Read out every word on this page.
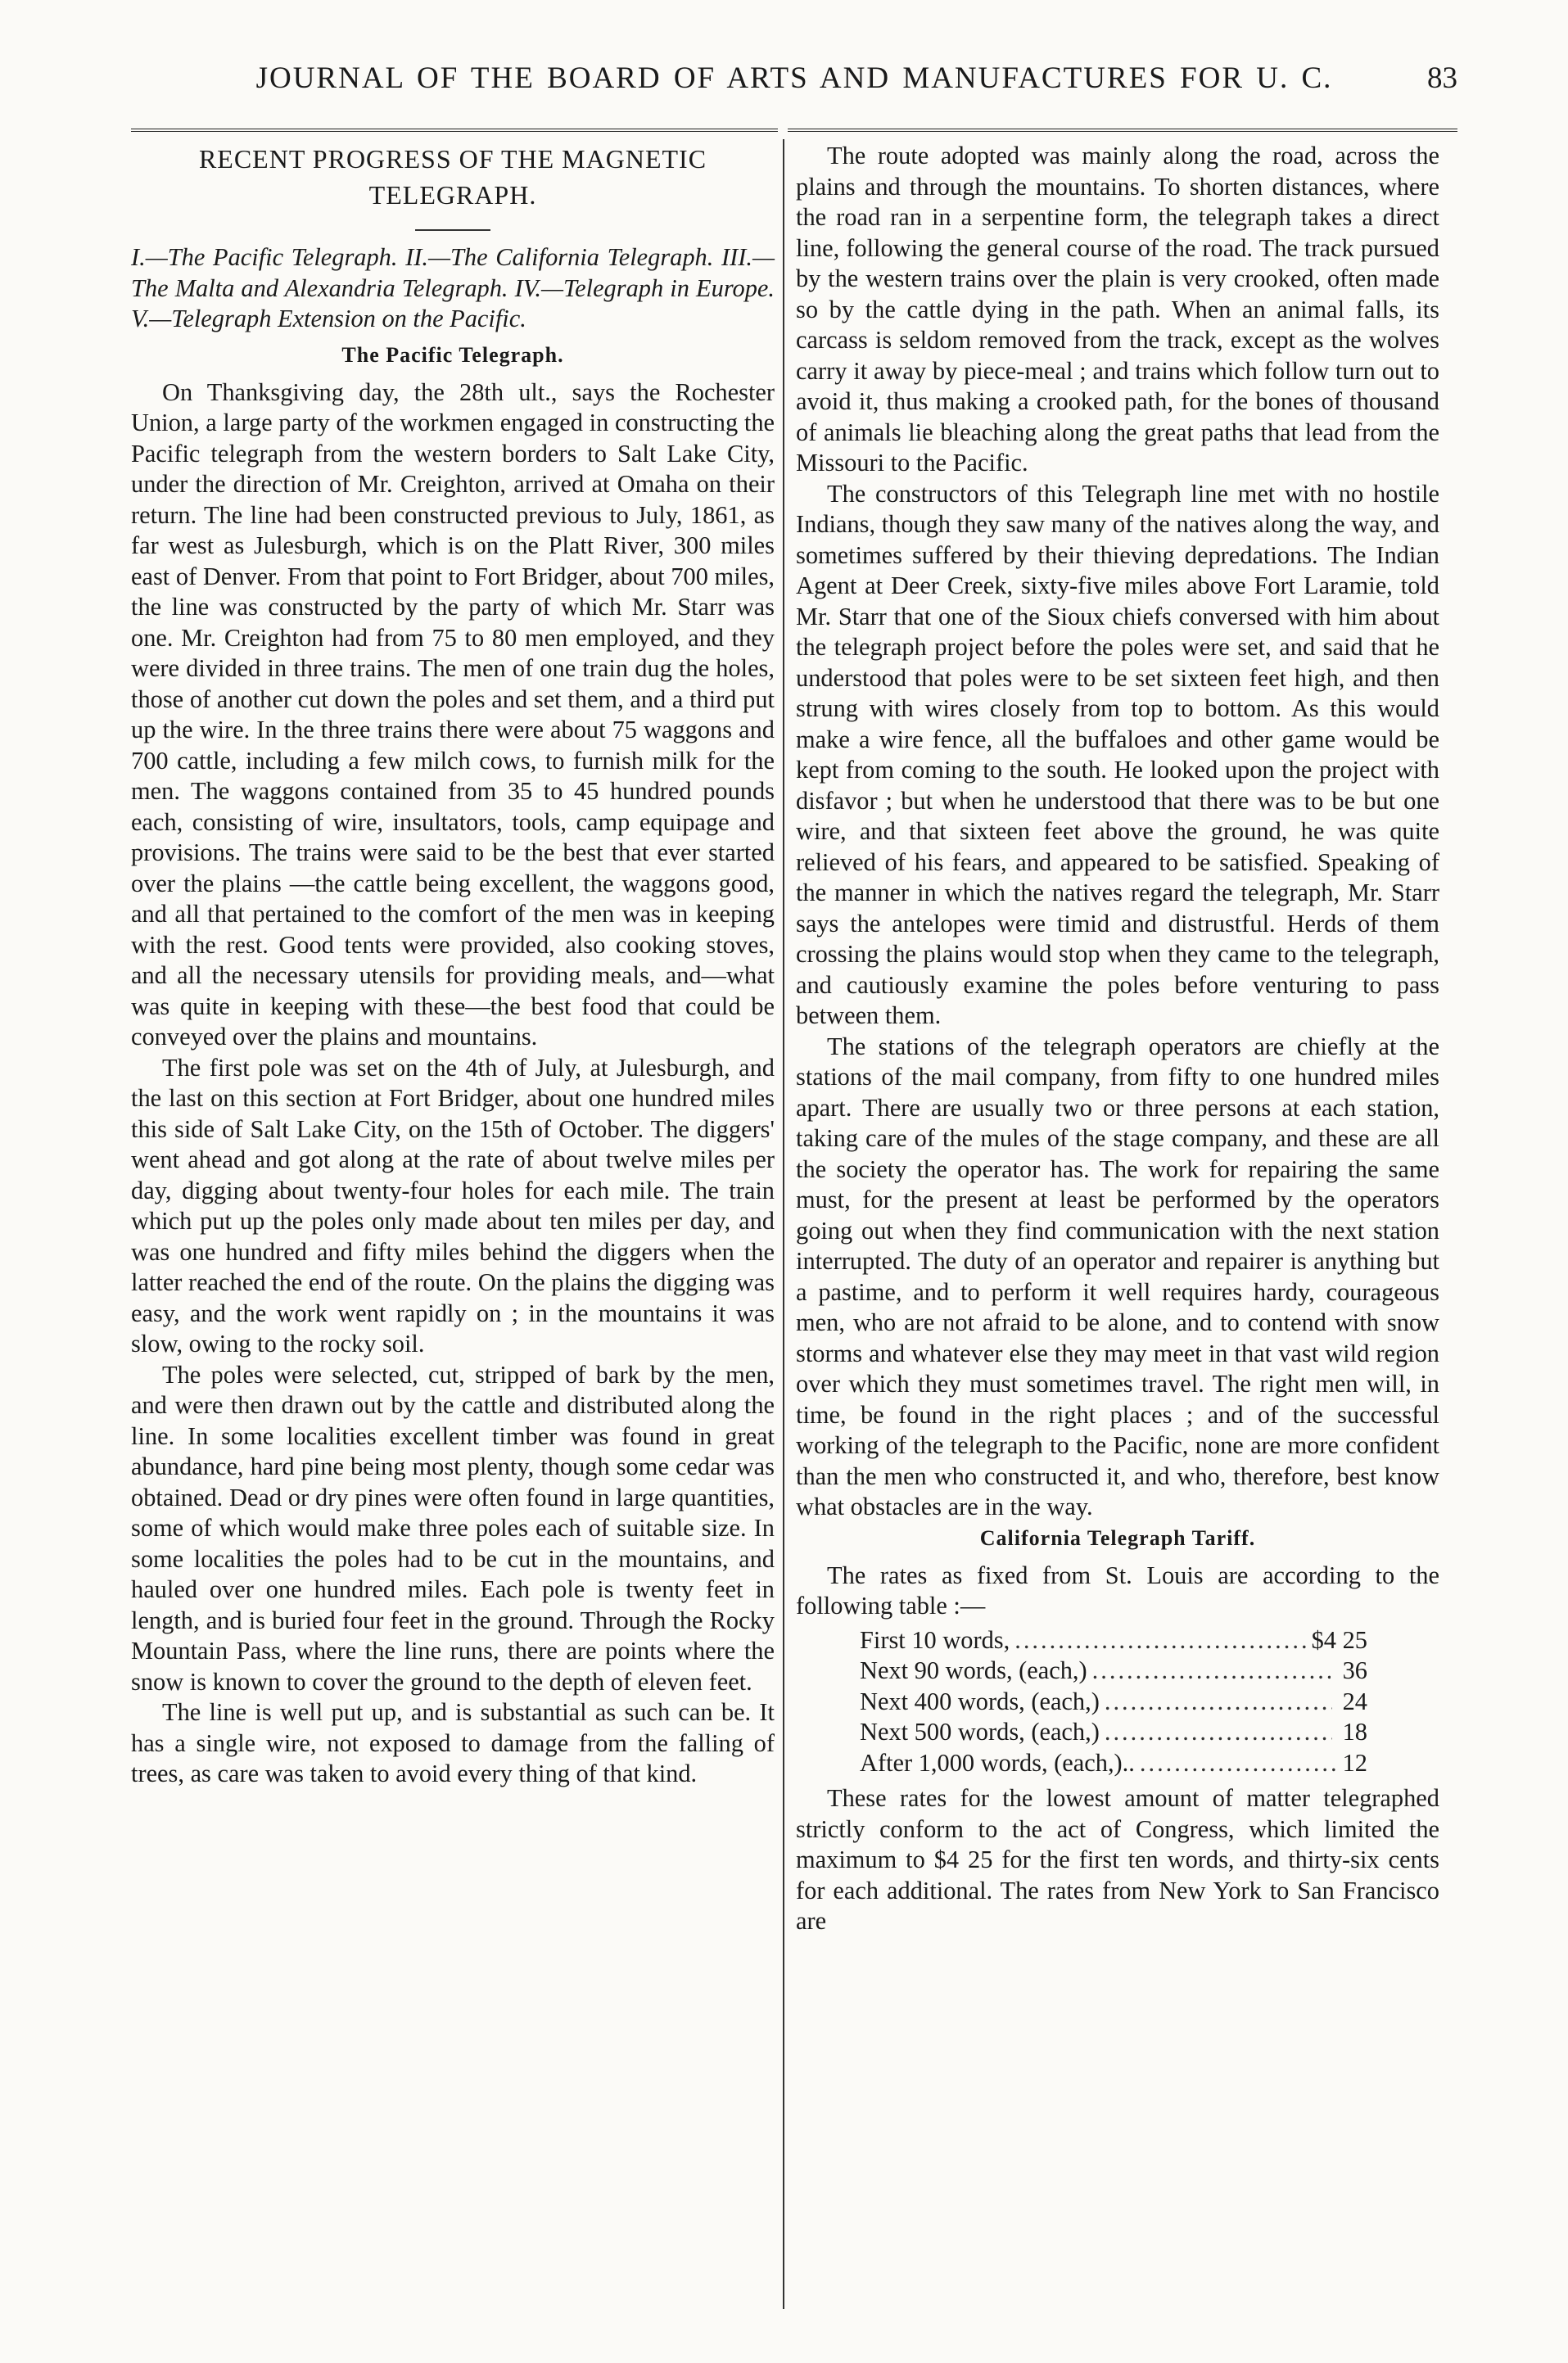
JOURNAL OF THE BOARD OF ARTS AND MANUFACTURES FOR U. C.	83
RECENT PROGRESS OF THE MAGNETIC TELEGRAPH.
I.—The Pacific Telegraph. II.—The California Telegraph. III.—The Malta and Alexandria Telegraph. IV.—Telegraph in Europe. V.—Telegraph Extension on the Pacific.
The Pacific Telegraph.

On Thanksgiving day, the 28th ult., says the Rochester Union, a large party of the workmen engaged in constructing the Pacific telegraph from the western borders to Salt Lake City, under the direction of Mr. Creighton, arrived at Omaha on their return. The line had been constructed previous to July, 1861, as far west as Julesburgh, which is on the Platt River, 300 miles east of Denver. From that point to Fort Bridger, about 700 miles, the line was constructed by the party of which Mr. Starr was one. Mr. Creighton had from 75 to 80 men employed, and they were divided in three trains. The men of one train dug the holes, those of another cut down the poles and set them, and a third put up the wire. In the three trains there were about 75 waggons and 700 cattle, including a few milch cows, to furnish milk for the men. The waggons contained from 35 to 45 hundred pounds each, consisting of wire, insultators, tools, camp equipage and provisions. The trains were said to be the best that ever started over the plains —the cattle being excellent, the waggons good, and all that pertained to the comfort of the men was in keeping with the rest. Good tents were provided, also cooking stoves, and all the necessary utensils for providing meals, and—what was quite in keeping with these—the best food that could be conveyed over the plains and mountains.

The first pole was set on the 4th of July, at Julesburgh, and the last on this section at Fort Bridger, about one hundred miles this side of Salt Lake City, on the 15th of October. The diggers' went ahead and got along at the rate of about twelve miles per day, digging about twenty-four holes for each mile. The train which put up the poles only made about ten miles per day, and was one hundred and fifty miles behind the diggers when the latter reached the end of the route. On the plains the digging was easy, and the work went rapidly on ; in the mountains it was slow, owing to the rocky soil.

The poles were selected, cut, stripped of bark by the men, and were then drawn out by the cattle and distributed along the line. In some localities excellent timber was found in great abundance, hard pine being most plenty, though some cedar was obtained. Dead or dry pines were often found in large quantities, some of which would make three poles each of suitable size. In some localities the poles had to be cut in the mountains, and hauled over one hundred miles. Each pole is twenty feet in length, and is buried four feet in the ground. Through the Rocky Mountain Pass, where the line runs, there are points where the snow is known to cover the ground to the depth of eleven feet.

The line is well put up, and is substantial as such can be. It has a single wire, not exposed to damage from the falling of trees, as care was taken to avoid every thing of that kind.

The route adopted was mainly along the road, across the plains and through the mountains. To shorten distances, where the road ran in a serpentine form, the telegraph takes a direct line, following the general course of the road. The track pursued by the western trains over the plain is very crooked, often made so by the cattle dying in the path. When an animal falls, its carcass is seldom removed from the track, except as the wolves carry it away by piece-meal ; and trains which follow turn out to avoid it, thus making a crooked path, for the bones of thousand of animals lie bleaching along the great paths that lead from the Missouri to the Pacific.

The constructors of this Telegraph line met with no hostile Indians, though they saw many of the natives along the way, and sometimes suffered by their thieving depredations. The Indian Agent at Deer Creek, sixty-five miles above Fort Laramie, told Mr. Starr that one of the Sioux chiefs conversed with him about the telegraph project before the poles were set, and said that he understood that poles were to be set sixteen feet high, and then strung with wires closely from top to bottom. As this would make a wire fence, all the buffaloes and other game would be kept from coming to the south. He looked upon the project with disfavor ; but when he understood that there was to be but one wire, and that sixteen feet above the ground, he was quite relieved of his fears, and appeared to be satisfied. Speaking of the manner in which the natives regard the telegraph, Mr. Starr says the antelopes were timid and distrustful. Herds of them crossing the plains would stop when they came to the telegraph, and cautiously examine the poles before venturing to pass between them.

The stations of the telegraph operators are chiefly at the stations of the mail company, from fifty to one hundred miles apart. There are usually two or three persons at each station, taking care of the mules of the stage company, and these are all the society the operator has. The work for repairing the same must, for the present at least be performed by the operators going out when they find communication with the next station interrupted. The duty of an operator and repairer is anything but a pastime, and to perform it well requires hardy, courageous men, who are not afraid to be alone, and to contend with snow storms and whatever else they may meet in that vast wild region over which they must sometimes travel. The right men will, in time, be found in the right places ; and of the successful working of the telegraph to the Pacific, none are more confident than the men who constructed it, and who, therefore, best know what obstacles are in the way.

California Telegraph Tariff.

The rates as fixed from St. Louis are according to the following table :—

First 10 words, .....	$4 25
Next 90 words, (each,) .....	36
Next 400 words, (each,) .....	24
Next 500 words, (each,) .....	18
After 1,000 words, (each,).. .....	12

These rates for the lowest amount of matter telegraphed strictly conform to the act of Congress, which limited the maximum to $4 25 for the first ten words, and thirty-six cents for each additional. The rates from New York to San Francisco are
